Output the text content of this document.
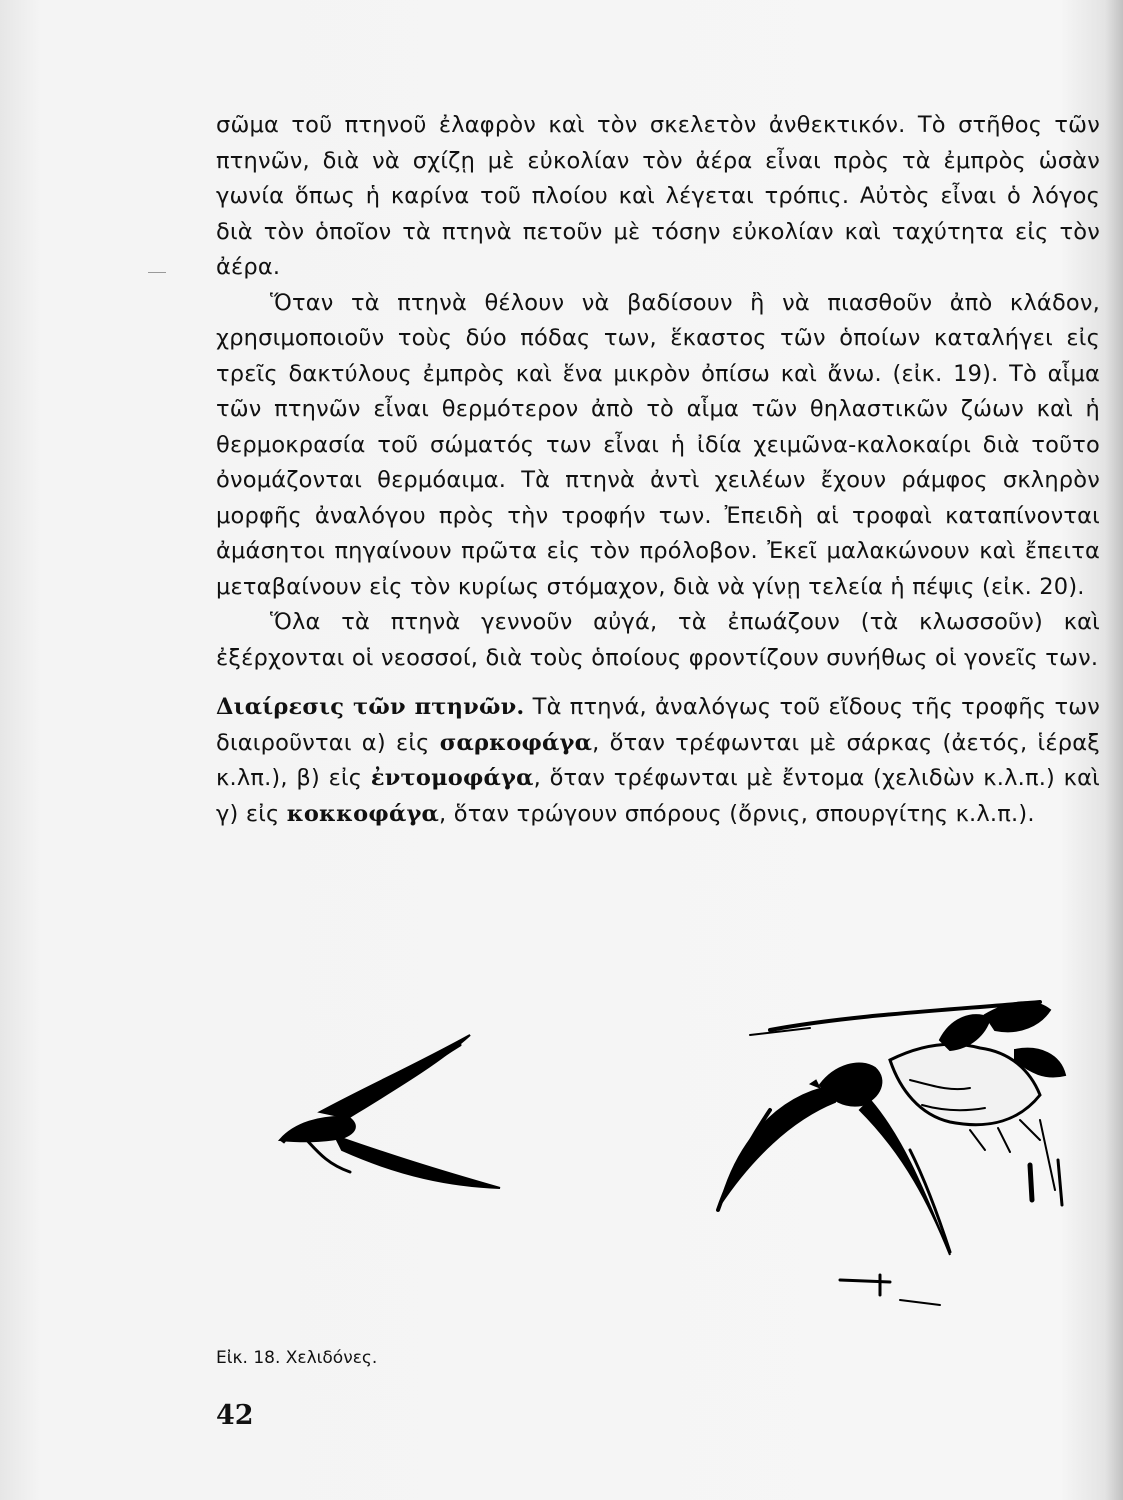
σῶμα τοῦ πτηνοῦ ἐλαφρὸν καὶ τὸν σκελετὸν ἀνθεκτικόν. Τὸ στῆθος τῶν πτηνῶν, διὰ νὰ σχίζῃ μὲ εὐκολίαν τὸν ἀέρα εἶναι πρὸς τὰ ἐμπρὸς ὡσὰν γωνία ὅπως ἡ καρίνα τοῦ πλοίου καὶ λέγεται τρόπις. Αὐτὸς εἶναι ὁ λόγος διὰ τὸν ὁποῖον τὰ πτηνὰ πετοῦν μὲ τόσην εὐκολίαν καὶ ταχύτητα εἰς τὸν ἀέρα.

Ὅταν τὰ πτηνὰ θέλουν νὰ βαδίσουν ἢ νὰ πιασθοῦν ἀπὸ κλάδον, χρησιμοποιοῦν τοὺς δύο πόδας των, ἕκαστος τῶν ὁποίων καταλήγει εἰς τρεῖς δακτύλους ἐμπρὸς καὶ ἕνα μικρὸν ὀπίσω καὶ ἄνω. (εἰκ. 19). Τὸ αἷμα τῶν πτηνῶν εἶναι θερμότερον ἀπὸ τὸ αἷμα τῶν θηλαστικῶν ζώων καὶ ἡ θερμοκρασία τοῦ σώματός των εἶναι ἡ ἰδία χειμῶνα-καλοκαίρι διὰ τοῦτο ὀνομάζονται θερμόαιμα. Τὰ πτηνὰ ἀντὶ χειλέων ἔχουν ράμφος σκληρὸν μορφῆς ἀναλόγου πρὸς τὴν τροφήν των. Ἐπειδὴ αἱ τροφαὶ καταπίνονται ἀμάσητοι πηγαίνουν πρῶτα εἰς τὸν πρόλοβον. Ἐκεῖ μαλακώνουν καὶ ἔπειτα μεταβαίνουν εἰς τὸν κυρίως στόμαχον, διὰ νὰ γίνῃ τελεία ἡ πέψις (εἰκ. 20).

Ὅλα τὰ πτηνὰ γεννοῦν αὐγά, τὰ ἐπωάζουν (τὰ κλωσσοῦν) καὶ ἐξέρχονται οἱ νεοσσοί, διὰ τοὺς ὁποίους φροντίζουν συνήθως οἱ γονεῖς των.

Διαίρεσις τῶν πτηνῶν. Τὰ πτηνά, ἀναλόγως τοῦ εἴδους τῆς τροφῆς των διαιροῦνται α) εἰς σαρκοφάγα, ὅταν τρέφωνται μὲ σάρκας (ἀετός, ἱέραξ κ.λπ.), β) εἰς ἐντομοφάγα, ὅταν τρέφωνται μὲ ἔντομα (χελιδὼν κ.λ.π.) καὶ γ) εἰς κοκκοφάγα, ὅταν τρώγουν σπόρους (ὄρνις, σπουργίτης κ.λ.π.).

Εἰκ. 18. Χελιδόνες.
42
